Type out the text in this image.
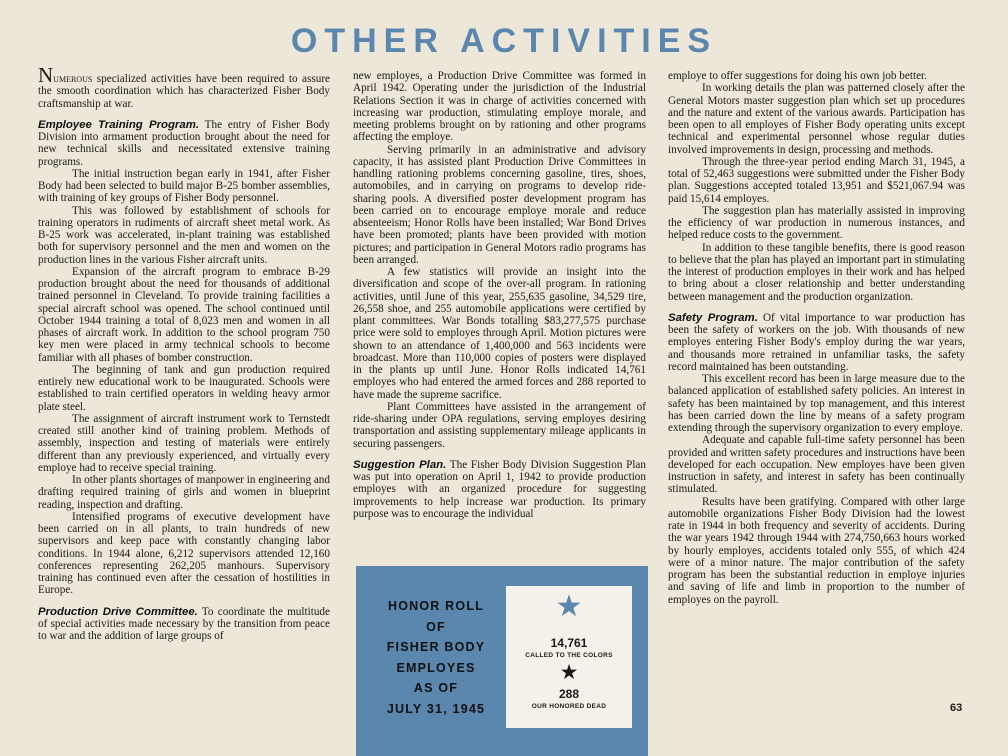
OTHER ACTIVITIES

Numerous specialized activities have been required to assure the smooth coordination which has characterized Fisher Body craftsmanship at war.

Employee Training Program. The entry of Fisher Body Division into armament production brought about the need for new technical skills and necessitated extensive training programs.

The initial instruction began early in 1941, after Fisher Body had been selected to build major B-25 bomber assemblies, with training of key groups of Fisher Body personnel.

This was followed by establishment of schools for training operators in rudiments of aircraft sheet metal work. As B-25 work was accelerated, in-plant training was established both for supervisory personnel and the men and women on the production lines in the various Fisher aircraft units.

Expansion of the aircraft program to embrace B-29 production brought about the need for thousands of additional trained personnel in Cleveland. To provide training facilities a special aircraft school was opened. The school continued until October 1944 training a total of 8,023 men and women in all phases of aircraft work. In addition to the school program 750 key men were placed in army technical schools to become familiar with all phases of bomber construction.

The beginning of tank and gun production required entirely new educational work to be inaugurated. Schools were established to train certified operators in welding heavy armor plate steel.

The assignment of aircraft instrument work to Ternstedt created still another kind of training problem. Methods of assembly, inspection and testing of materials were entirely different than any previously experienced, and virtually every employe had to receive special training.

In other plants shortages of manpower in engineering and drafting required training of girls and women in blueprint reading, inspection and drafting.

Intensified programs of executive development have been carried on in all plants, to train hundreds of new supervisors and keep pace with constantly changing labor conditions. In 1944 alone, 6,212 supervisors attended 12,160 conferences representing 262,205 manhours. Supervisory training has continued even after the cessation of hostilities in Europe.

Production Drive Committee. To coordinate the multitude of special activities made necessary by the transition from peace to war and the addition of large groups of

new employes, a Production Drive Committee was formed in April 1942. Operating under the jurisdiction of the Industrial Relations Section it was in charge of activities concerned with increasing war production, stimulating employe morale, and meeting problems brought on by rationing and other programs affecting the employe.

Serving primarily in an administrative and advisory capacity, it has assisted plant Production Drive Committees in handling rationing problems concerning gasoline, tires, shoes, automobiles, and in carrying on programs to develop ride-sharing pools. A diversified poster development program has been carried on to encourage employe morale and reduce absenteeism; Honor Rolls have been installed; War Bond Drives have been promoted; plants have been provided with motion pictures; and participation in General Motors radio programs has been arranged.

A few statistics will provide an insight into the diversification and scope of the over-all program. In rationing activities, until June of this year, 255,635 gasoline, 34,529 tire, 26,558 shoe, and 255 automobile applications were certified by plant committees. War Bonds totalling $83,277,575 purchase price were sold to employes through April. Motion pictures were shown to an attendance of 1,400,000 and 563 incidents were broadcast. More than 110,000 copies of posters were displayed in the plants up until June. Honor Rolls indicated 14,761 employes who had entered the armed forces and 288 reported to have made the supreme sacrifice.

Plant Committees have assisted in the arrangement of ride-sharing under OPA regulations, serving employes desiring transportation and assisting supplementary mileage applicants in securing passengers.

Suggestion Plan. The Fisher Body Division Suggestion Plan was put into operation on April 1, 1942 to provide production employes with an organized procedure for suggesting improvements to help increase war production. Its primary purpose was to encourage the individual

employe to offer suggestions for doing his own job better.

In working details the plan was patterned closely after the General Motors master suggestion plan which set up procedures and the nature and extent of the various awards. Participation has been open to all employes of Fisher Body operating units except technical and experimental personnel whose regular duties involved improvements in design, processing and methods.

Through the three-year period ending March 31, 1945, a total of 52,463 suggestions were submitted under the Fisher Body plan. Suggestions accepted totaled 13,951 and $521,067.94 was paid 15,614 employes.

The suggestion plan has materially assisted in improving the efficiency of war production in numerous instances, and helped reduce costs to the government.

In addition to these tangible benefits, there is good reason to believe that the plan has played an important part in stimulating the interest of production employes in their work and has helped to bring about a closer relationship and better understanding between management and the production organization.

Safety Program. Of vital importance to war production has been the safety of workers on the job. With thousands of new employes entering Fisher Body's employ during the war years, and thousands more retrained in unfamiliar tasks, the safety record maintained has been outstanding.

This excellent record has been in large measure due to the balanced application of established safety policies. An interest in safety has been maintained by top management, and this interest has been carried down the line by means of a safety program extending through the supervisory organization to every employe.

Adequate and capable full-time safety personnel has been provided and written safety procedures and instructions have been developed for each occupation. New employes have been given instruction in safety, and interest in safety has been continually stimulated.

Results have been gratifying. Compared with other large automobile organizations Fisher Body Division had the lowest rate in 1944 in both frequency and severity of accidents. During the war years 1942 through 1944 with 274,750,663 hours worked by hourly employes, accidents totaled only 555, of which 424 were of a minor nature. The major contribution of the safety program has been the substantial reduction in employe injuries and saving of life and limb in proportion to the number of employes on the payroll.

HONOR ROLL
OF
FISHER BODY
EMPLOYES
AS OF
JULY 31, 1945
★
14,761
CALLED TO THE COLORS
★
288
OUR HONORED DEAD	63
